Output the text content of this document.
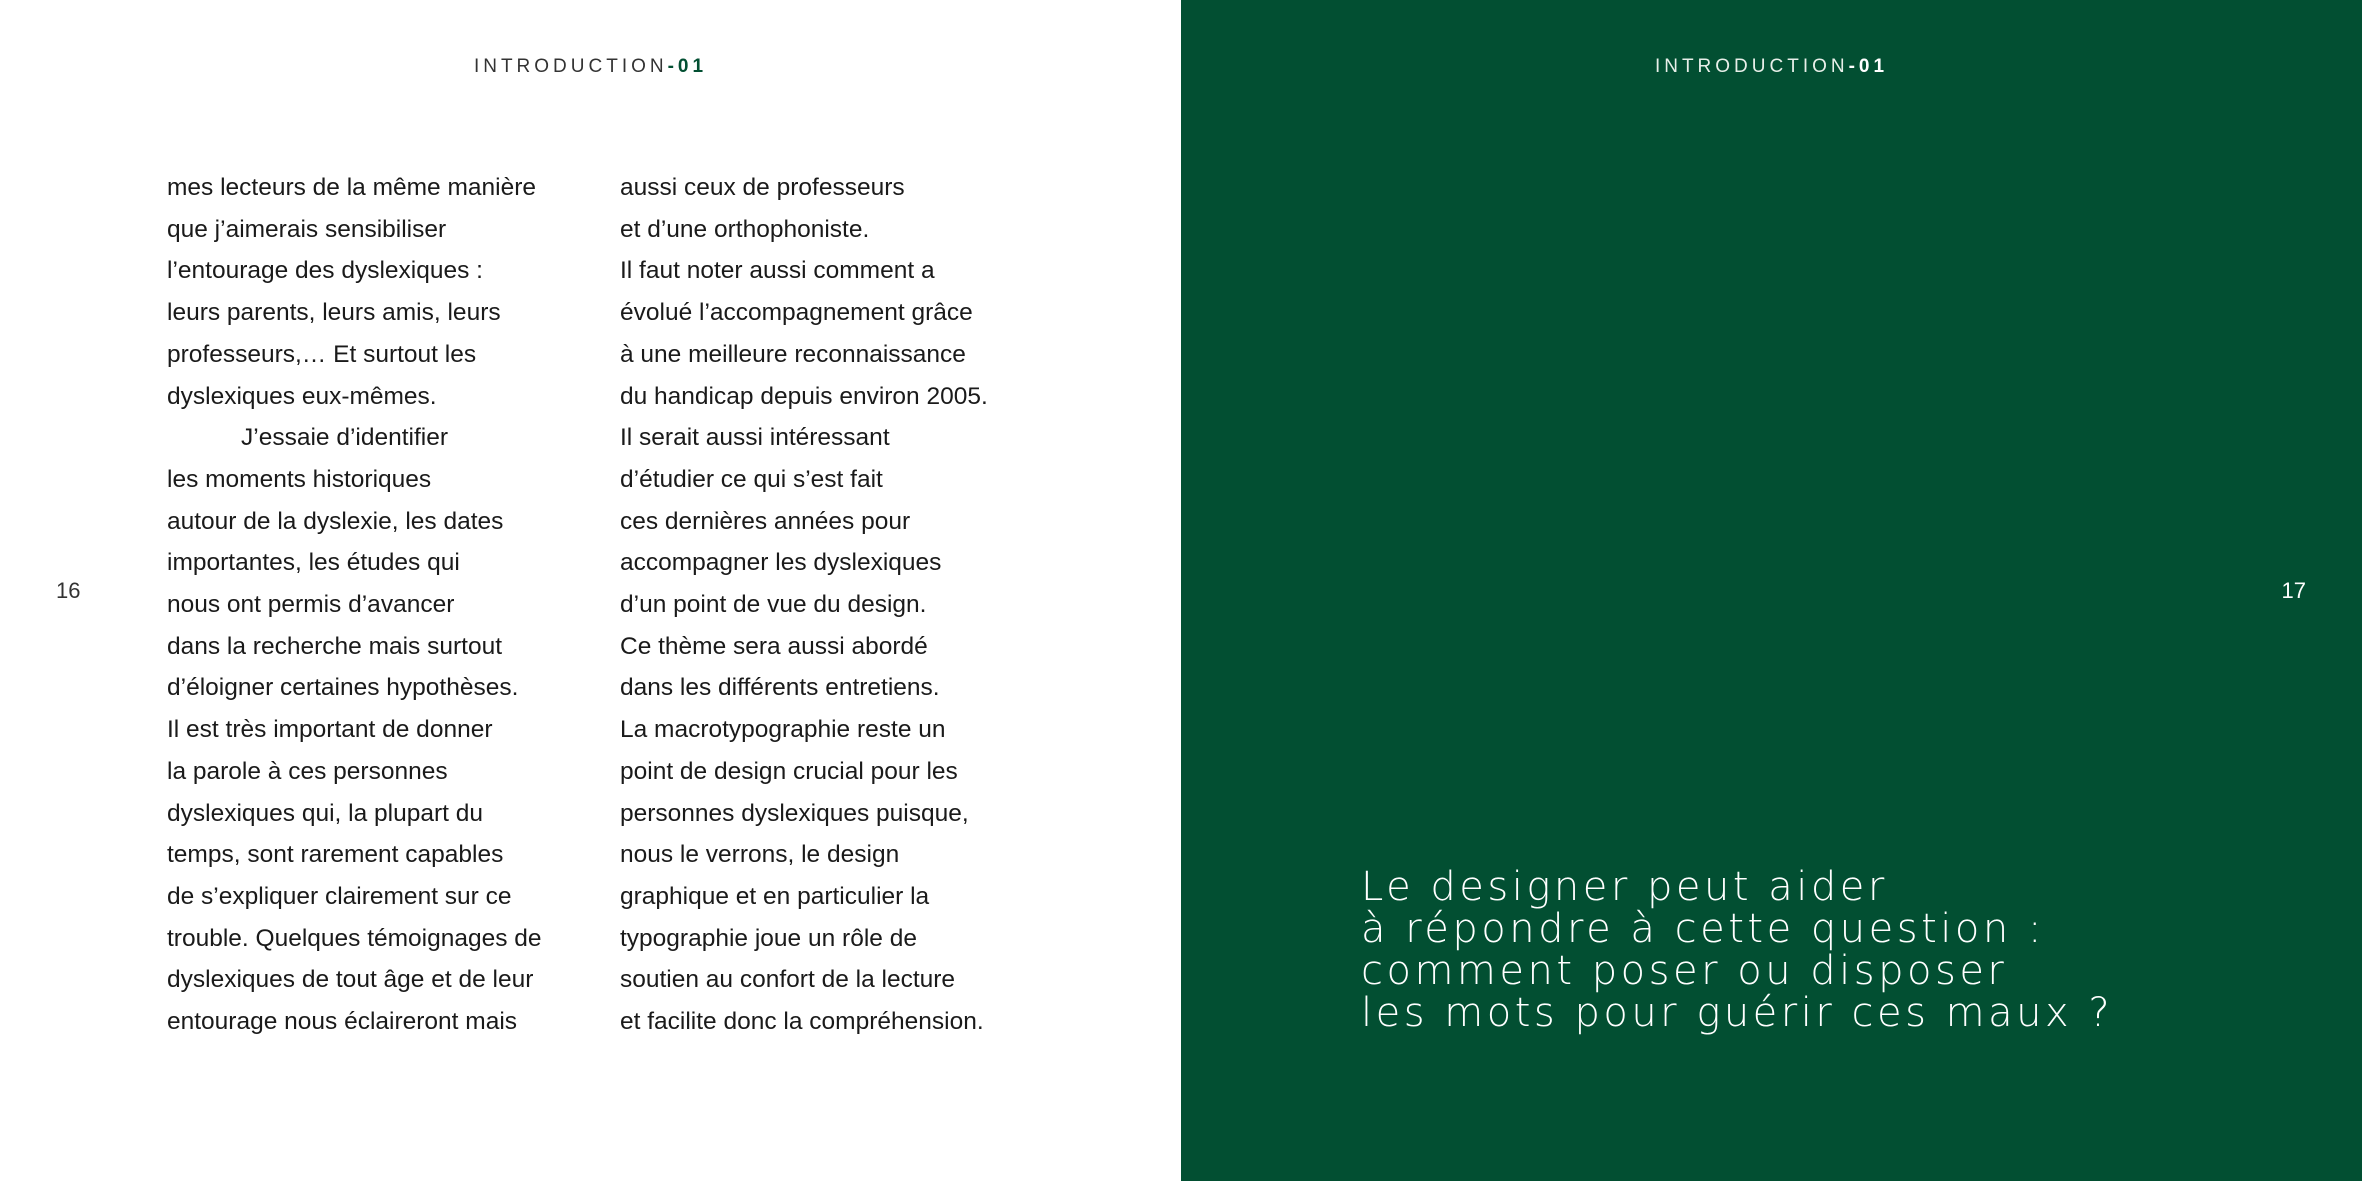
INTRODUCTION-01
16
mes lecteurs de la même manière
que j’aimerais sensibiliser
l’entourage des dyslexiques :
leurs parents, leurs amis, leurs
professeurs,… Et surtout les
dyslexiques eux-mêmes.
J’essaie d’identifier
les moments historiques
autour de la dyslexie, les dates
importantes, les études qui
nous ont permis d’avancer
dans la recherche mais surtout
d’éloigner certaines hypothèses.
Il est très important de donner
la parole à ces personnes
dyslexiques qui, la plupart du
temps, sont rarement capables
de s’expliquer clairement sur ce
trouble. Quelques témoignages de
dyslexiques de tout âge et de leur
entourage nous éclaireront mais
aussi ceux de professeurs
et d’une orthophoniste.
Il faut noter aussi comment a
évolué l’accompagnement grâce
à une meilleure reconnaissance
du handicap depuis environ 2005.
Il serait aussi intéressant
d’étudier ce qui s’est fait
ces dernières années pour
accompagner les dyslexiques
d’un point de vue du design.
Ce thème sera aussi abordé
dans les différents entretiens.
La macrotypographie reste un
point de design crucial pour les
personnes dyslexiques puisque,
nous le verrons, le design
graphique et en particulier la
typographie joue un rôle de
soutien au confort de la lecture
et facilite donc la compréhension.
INTRODUCTION-01
17
Le designer peut aider
à répondre à cette question :
comment poser ou disposer
les mots pour guérir ces maux ?
